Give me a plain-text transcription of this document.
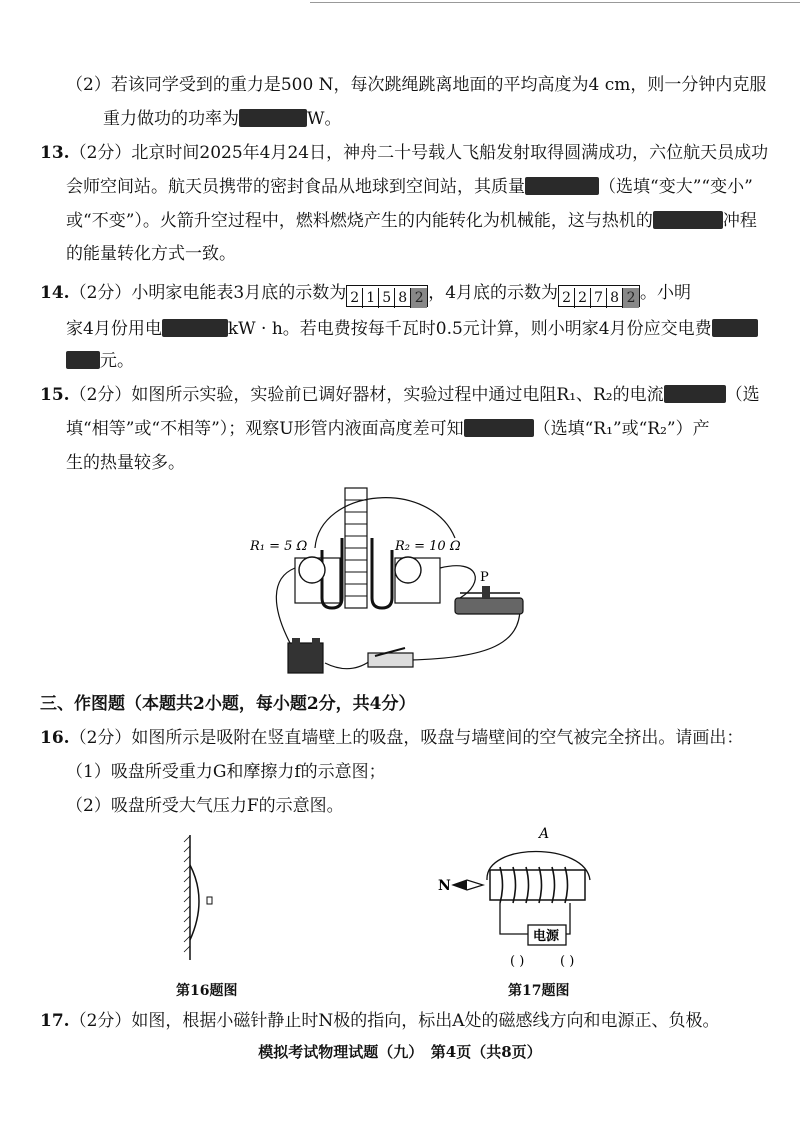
（2）若该同学受到的重力是500 N，每次跳绳跳离地面的平均高度为4 cm，则一分钟内克服
重力做功的功率为	W。
13.（2分）北京时间2025年4月24日，神舟二十号载人飞船发射取得圆满成功，六位航天员成功
会师空间站。航天员携带的密封食品从地球到空间站，其质量	（选填“变大”“变小”
或“不变”）。火箭升空过程中，燃料燃烧产生的内能转化为机械能，这与热机的	冲程
的能量转化方式一致。
14.（2分）小明家电能表3月底的示数为 2 1 5 8 2 ，4月底的示数为 2 2 7 8 2 。小明
家4月份用电	kW · h。若电费按每千瓦时0.5元计算，则小明家4月份应交电费
元。
15.（2分）如图所示实验，实验前已调好器材，实验过程中通过电阻R₁、R₂的电流	（选
填“相等”或“不相等”）；观察U形管内液面高度差可知	（选填“R₁”或“R₂”）产
生的热量较多。
R₁ = 5 Ω	R₂ = 10 Ω
P
三、作图题（本题共2小题，每小题2分，共4分）
16.（2分）如图所示是吸附在竖直墙壁上的吸盘，吸盘与墙壁间的空气被完全挤出。请画出：
（1）吸盘所受重力G和摩擦力f的示意图；
（2）吸盘所受大气压力F的示意图。
第16题图
A
电源
( )	( )
N
第17题图
17.（2分）如图，根据小磁针静止时N极的指向，标出A处的磁感线方向和电源正、负极。
模拟考试物理试题（九）　第4页（共8页）
